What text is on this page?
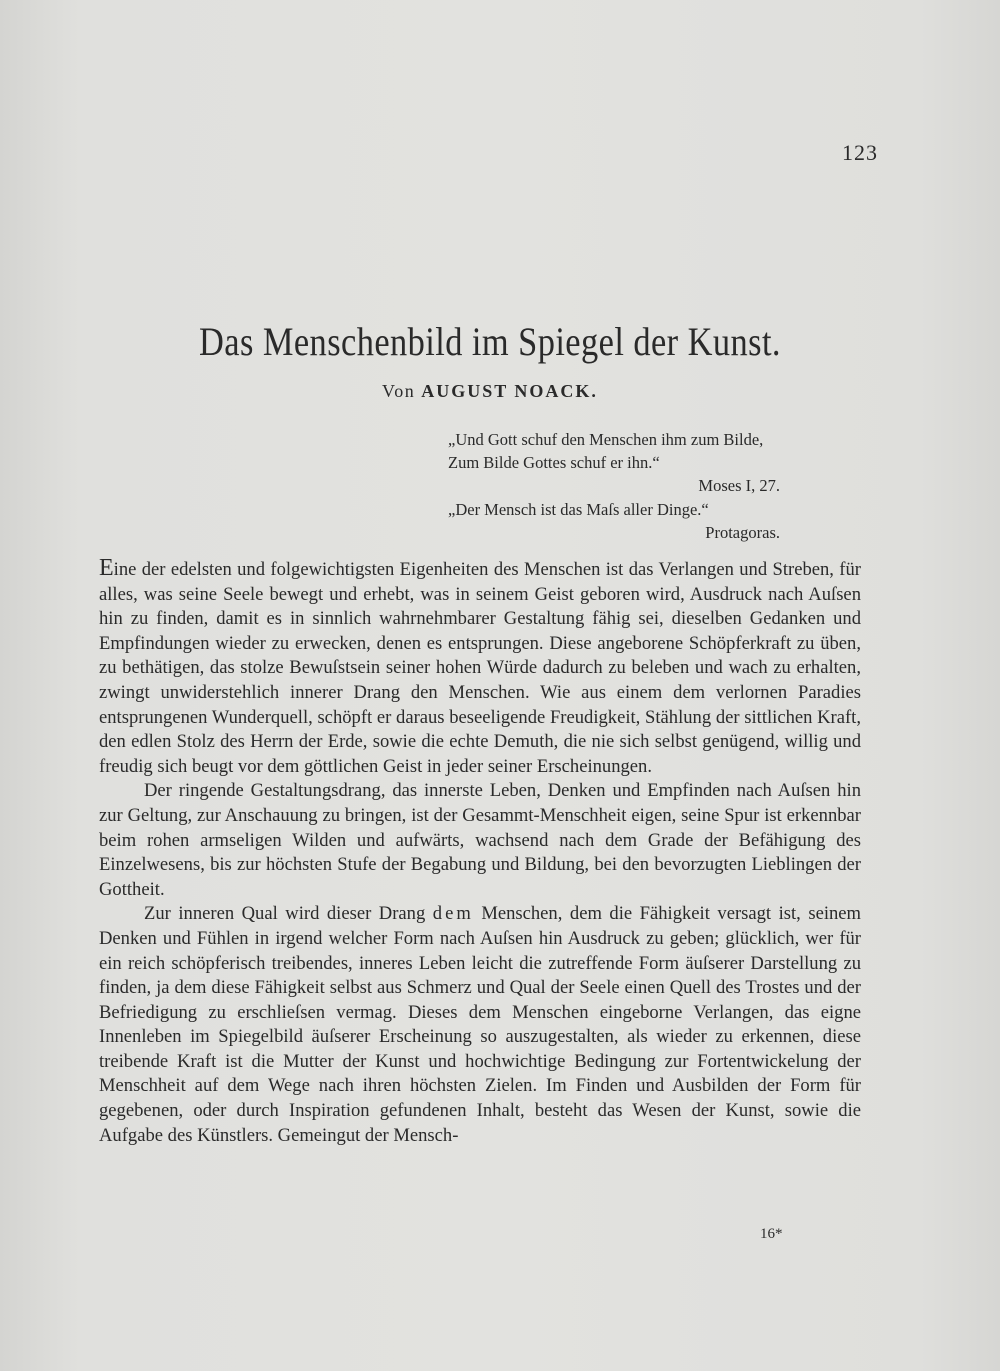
123
Das Menschenbild im Spiegel der Kunst.
Von AUGUST NOACK.
„Und Gott schuf den Menschen ihm zum Bilde,
Zum Bilde Gottes schuf er ihn.“
Moses I, 27.
„Der Mensch ist das Maſs aller Dinge.“
Protagoras.

Eine der edelsten und folgewichtigsten Eigenheiten des Menschen ist das Verlangen und Streben, für alles, was seine Seele bewegt und erhebt, was in seinem Geist geboren wird, Ausdruck nach Auſsen hin zu finden, damit es in sinnlich wahrnehmbarer Gestaltung fähig sei, dieselben Gedanken und Empfindungen wieder zu erwecken, denen es entsprungen. Diese angeborene Schöpferkraft zu üben, zu bethätigen, das stolze Bewuſstsein seiner hohen Würde dadurch zu beleben und wach zu erhalten, zwingt unwiderstehlich innerer Drang den Menschen. Wie aus einem dem verlornen Paradies entsprungenen Wunderquell, schöpft er daraus beseeligende Freudigkeit, Stählung der sittlichen Kraft, den edlen Stolz des Herrn der Erde, sowie die echte Demuth, die nie sich selbst genügend, willig und freudig sich beugt vor dem göttlichen Geist in jeder seiner Erscheinungen.

Der ringende Gestaltungsdrang, das innerste Leben, Denken und Empfinden nach Auſsen hin zur Geltung, zur Anschauung zu bringen, ist der Gesammt-Menschheit eigen, seine Spur ist erkennbar beim rohen armseligen Wilden und aufwärts, wachsend nach dem Grade der Befähigung des Einzelwesens, bis zur höchsten Stufe der Begabung und Bildung, bei den bevorzugten Lieblingen der Gottheit.

Zur inneren Qual wird dieser Drang dem Menschen, dem die Fähigkeit versagt ist, seinem Denken und Fühlen in irgend welcher Form nach Auſsen hin Ausdruck zu geben; glücklich, wer für ein reich schöpferisch treibendes, inneres Leben leicht die zutreffende Form äuſserer Darstellung zu finden, ja dem diese Fähigkeit selbst aus Schmerz und Qual der Seele einen Quell des Trostes und der Befriedigung zu erschlieſsen vermag. Dieses dem Menschen eingeborne Verlangen, das eigne Innenleben im Spiegelbild äuſserer Erscheinung so auszugestalten, als wieder zu erkennen, diese treibende Kraft ist die Mutter der Kunst und hochwichtige Bedingung zur Fortentwickelung der Menschheit auf dem Wege nach ihren höchsten Zielen. Im Finden und Ausbilden der Form für gegebenen, oder durch Inspiration gefundenen Inhalt, besteht das Wesen der Kunst, sowie die Aufgabe des Künstlers. Gemeingut der Mensch-

16*
